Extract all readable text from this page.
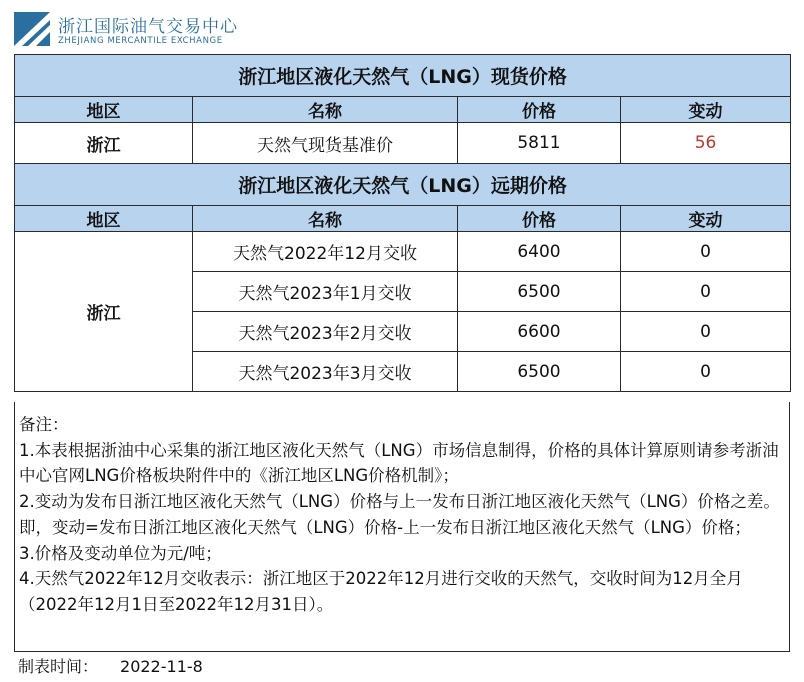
浙江国际油气交易中心
ZHEJIANG MERCANTILE EXCHANGE
浙江地区液化天然气（LNG）现货价格			
地区	名称	价格	变动
浙江	天然气现货基准价	5811	56
浙江地区液化天然气（LNG）远期价格			
地区	名称	价格	变动
浙江	天然气2022年12月交收	6400	0
	天然气2023年1月交收	6500	0
	天然气2023年2月交收	6600	0
	天然气2023年3月交收	6500	0

备注：

1.本表根据浙油中心采集的浙江地区液化天然气（LNG）市场信息制得，价格的具体计算原则请参考浙油中心官网LNG价格板块附件中的《浙江地区LNG价格机制》；

2.变动为发布日浙江地区液化天然气（LNG）价格与上一发布日浙江地区液化天然气（LNG）价格之差。即，变动=发布日浙江地区液化天然气（LNG）价格-上一发布日浙江地区液化天然气（LNG）价格；

3.价格及变动单位为元/吨；

4.天然气2022年12月交收表示：浙江地区于2022年12月进行交收的天然气，交收时间为12月全月（2022年12月1日至2022年12月31日）。

制表时间： 2022-11-8
